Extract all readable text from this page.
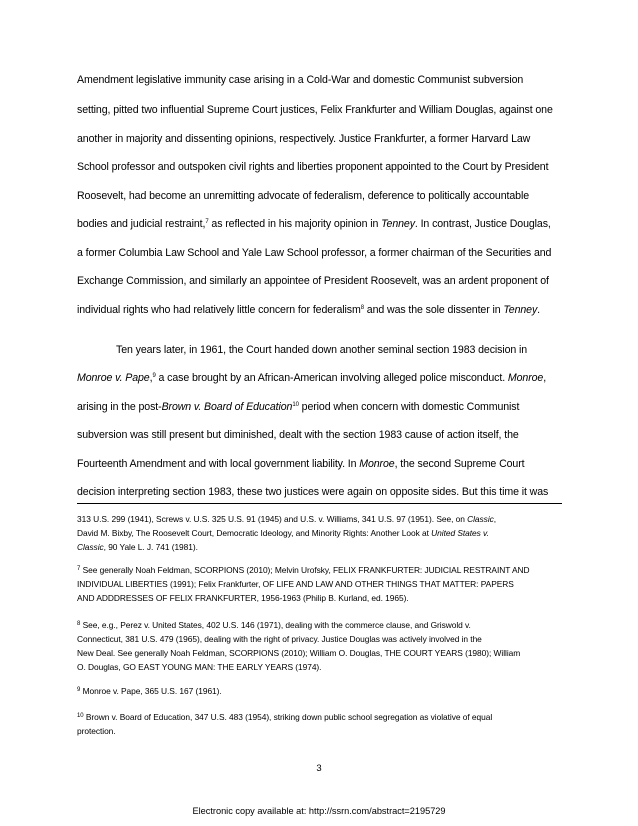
Amendment legislative immunity case arising in a Cold-War and domestic Communist subversion
setting, pitted two influential Supreme Court justices, Felix Frankfurter and William Douglas, against one
another in majority and dissenting opinions, respectively. Justice Frankfurter, a former Harvard Law
School professor and outspoken civil rights and liberties proponent appointed to the Court by President
Roosevelt, had become an unremitting advocate of federalism, deference to politically accountable
bodies and judicial restraint,$^7$ as reflected in his majority opinion in Tenney. In contrast, Justice Douglas,
a former Columbia Law School and Yale Law School professor, a former chairman of the Securities and
Exchange Commission, and similarly an appointee of President Roosevelt, was an ardent proponent of
individual rights who had relatively little concern for federalism$^8$ and was the sole dissenter in Tenney.
Ten years later, in 1961, the Court handed down another seminal section 1983 decision in
Monroe v. Pape,$^9$ a case brought by an African-American involving alleged police misconduct. Monroe,
arising in the post-Brown v. Board of Education$^{10}$ period when concern with domestic Communist
subversion was still present but diminished, dealt with the section 1983 cause of action itself, the
Fourteenth Amendment and with local government liability. In Monroe, the second Supreme Court
decision interpreting section 1983, these two justices were again on opposite sides. But this time it was
313 U.S. 299 (1941), Screws v. U.S. 325 U.S. 91 (1945) and U.S. v. Williams, 341 U.S. 97 (1951). See, on Classic,
David M. Bixby, The Roosevelt Court, Democratic Ideology, and Minority Rights: Another Look at United States v.
Classic, 90 Yale L. J. 741 (1981).
$^7$ See generally Noah Feldman, SCORPIONS (2010); Melvin Urofsky, FELIX FRANKFURTER: JUDICIAL RESTRAINT AND
INDIVIDUAL LIBERTIES (1991); Felix Frankfurter, OF LIFE AND LAW AND OTHER THINGS THAT MATTER: PAPERS
AND ADDDRESSES OF FELIX FRANKFURTER, 1956-1963 (Philip B. Kurland, ed. 1965).
$^8$ See, e.g., Perez v. United States, 402 U.S. 146 (1971), dealing with the commerce clause, and Griswold v.
Connecticut, 381 U.S. 479 (1965), dealing with the right of privacy. Justice Douglas was actively involved in the
New Deal. See generally Noah Feldman, SCORPIONS (2010); William O. Douglas, THE COURT YEARS (1980); William
O. Douglas, GO EAST YOUNG MAN: THE EARLY YEARS (1974).
$^9$ Monroe v. Pape, 365 U.S. 167 (1961).
$^{10}$ Brown v. Board of Education, 347 U.S. 483 (1954), striking down public school segregation as violative of equal
protection.
3
Electronic copy available at: http://ssrn.com/abstract=2195729
